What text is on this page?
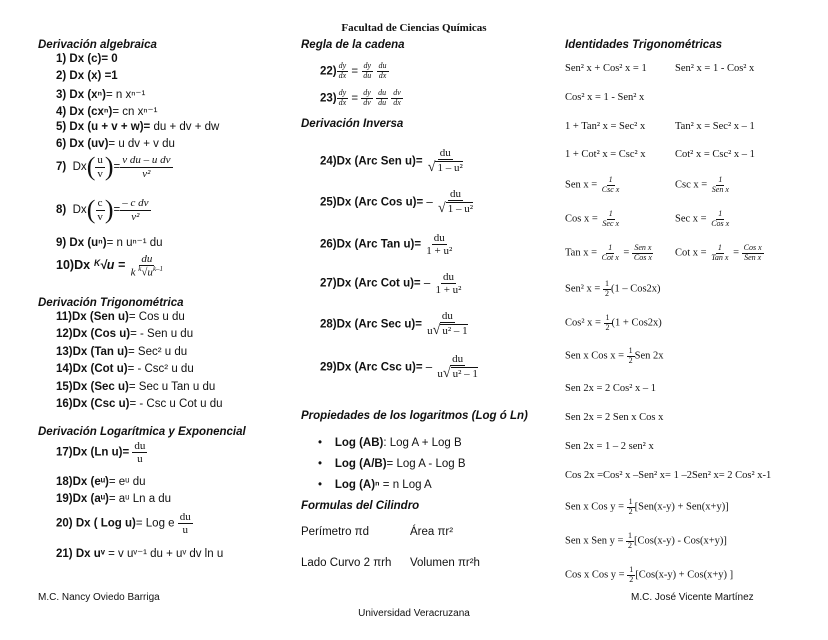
Facultad de Ciencias Químicas
Derivación algebraica
1) Dx (c)= 0
2) Dx (x) =1
3) Dx (xⁿ)= n xⁿ⁻¹
4) Dx (cxⁿ)= cn xⁿ⁻¹
5) Dx (u + v + w)= du + dv + dw
6) Dx (uv)= u dv + v du
7)  $Dx( \frac{u}{v}$ )= $\frac{\text{v du – u dv}}{\text{v²}}$
8)  $Dx( \frac{c}{v}$ )= $\frac{\text{– c dv}}{\text{v²}}$
9) Dx (uⁿ)= n uⁿ⁻¹ du
10)Dx ᴷ√u = $\frac{du}{k ^k√u^{k-1}}$
Derivación Trigonométrica
11)Dx (Sen u)= Cos u du
12)Dx (Cos u)= - Sen u du
13)Dx (Tan u)= Sec² u du
14)Dx (Cot u)= - Csc² u du
15)Dx (Sec u)= Sec u Tan u du
16)Dx (Csc u)= - Csc u Cot u du
Derivación Logarítmica y Exponencial
17)Dx (Ln $u)= \frac{du}{u}$
18)Dx (eᵘ)= eᵘ du
19)Dx (aᵘ)= aᵘ Ln a du
20) Dx ( Log u)= Log e $\frac{du}{u}$
21) Dx uᵛ = v uᵛ⁻¹ du + uᵛ dv ln u
Regla de la cadena
$22) \frac{dy}{dx} = \frac{dy}{du}$
$\frac{du}{dx}$
$23) \frac{dy}{dx} = \frac{dy}{dv}$
$\frac{du}{du}$
$\frac{dv}{dx}$
Derivación Inversa
24)Dx (Arc Sen $u)= \frac{du}{\text{√ 1 – u²}}$
25)Dx (Arc Cos $u)= - \frac{du}{\text{√ 1 – u²}}$
26)Dx (Arc Tan $u)= \frac{du}{\text{1 + u²}}$
27)Dx (Arc Cot $u)= - \frac{du}{\text{1 + u²}}$
28)Dx (Arc Sec $u)= \frac{du}{\text{u√ u² – 1}}$
29)Dx (Arc Csc $u)= - \frac{du}{\text{u√ u² – 1}}$
Propiedades de los logaritmos (Log ó Ln)
•    Log (AB): Log A + Log B
•    Log (A/B)= Log A - Log B
•    Log (A)ⁿ = n Log A
Formulas del Cilindro
Perímetro πd	Área πr²
Lado Curvo 2 πrh Volumen πr²h
Identidades Trigonométricas
Sen² x + Cos² x = 1	Sen² x = 1 - Cos² x
Cos² x = 1 - Sen² x
1 + Tan² x = Sec² x	Tan² x = Sec² x – 1
1 + Cot² x = Csc² x	Cot² x = Csc² x – 1
Sen $x = \frac{1}{\text{Csc x}}$	Csc $x = \frac{1}{\text{Sen x}}$
Cos $x = \frac{1}{\text{Sec x}}$	Sec $x = \frac{1}{\text{Cos x}}$
Tan $x = \frac{1}{\text{Cot x}} = \frac{\text{Sen x}}{\text{Cos x}}$ Cot $x = \frac{1}{\text{Tan x}} = \frac{\text{Cos x}}{\text{Sen x}}$
Sen² $x = \frac{1}{2} (1 - Cos2x)$
Cos² $x = \frac{1}{2} (1 + Cos2x)$
Sen x Cos $x = \frac{1}{2}$ Sen 2x
Sen 2x = 2 Cos² x – 1
Sen 2x = 2 Sen x Cos x
Sen 2x = 1 – 2 sen² x
Cos 2x =Cos² x –Sen² x= 1 –2Sen² x= 2 Cos² x-1
Sen x Cos $y = \frac{1}{2} [Sen(x-y) + Sen(x+y)]$
Sen x Sen $y = \frac{1}{2} [Cos(x-y) - Cos(x+y)]$
Cos x Cos $y = \frac{1}{2} [Cos(x-y) + Cos(x+y)$ ]
M.C. Nancy Oviedo Barriga	M.C. José Vicente Martínez
Universidad Veracruzana
